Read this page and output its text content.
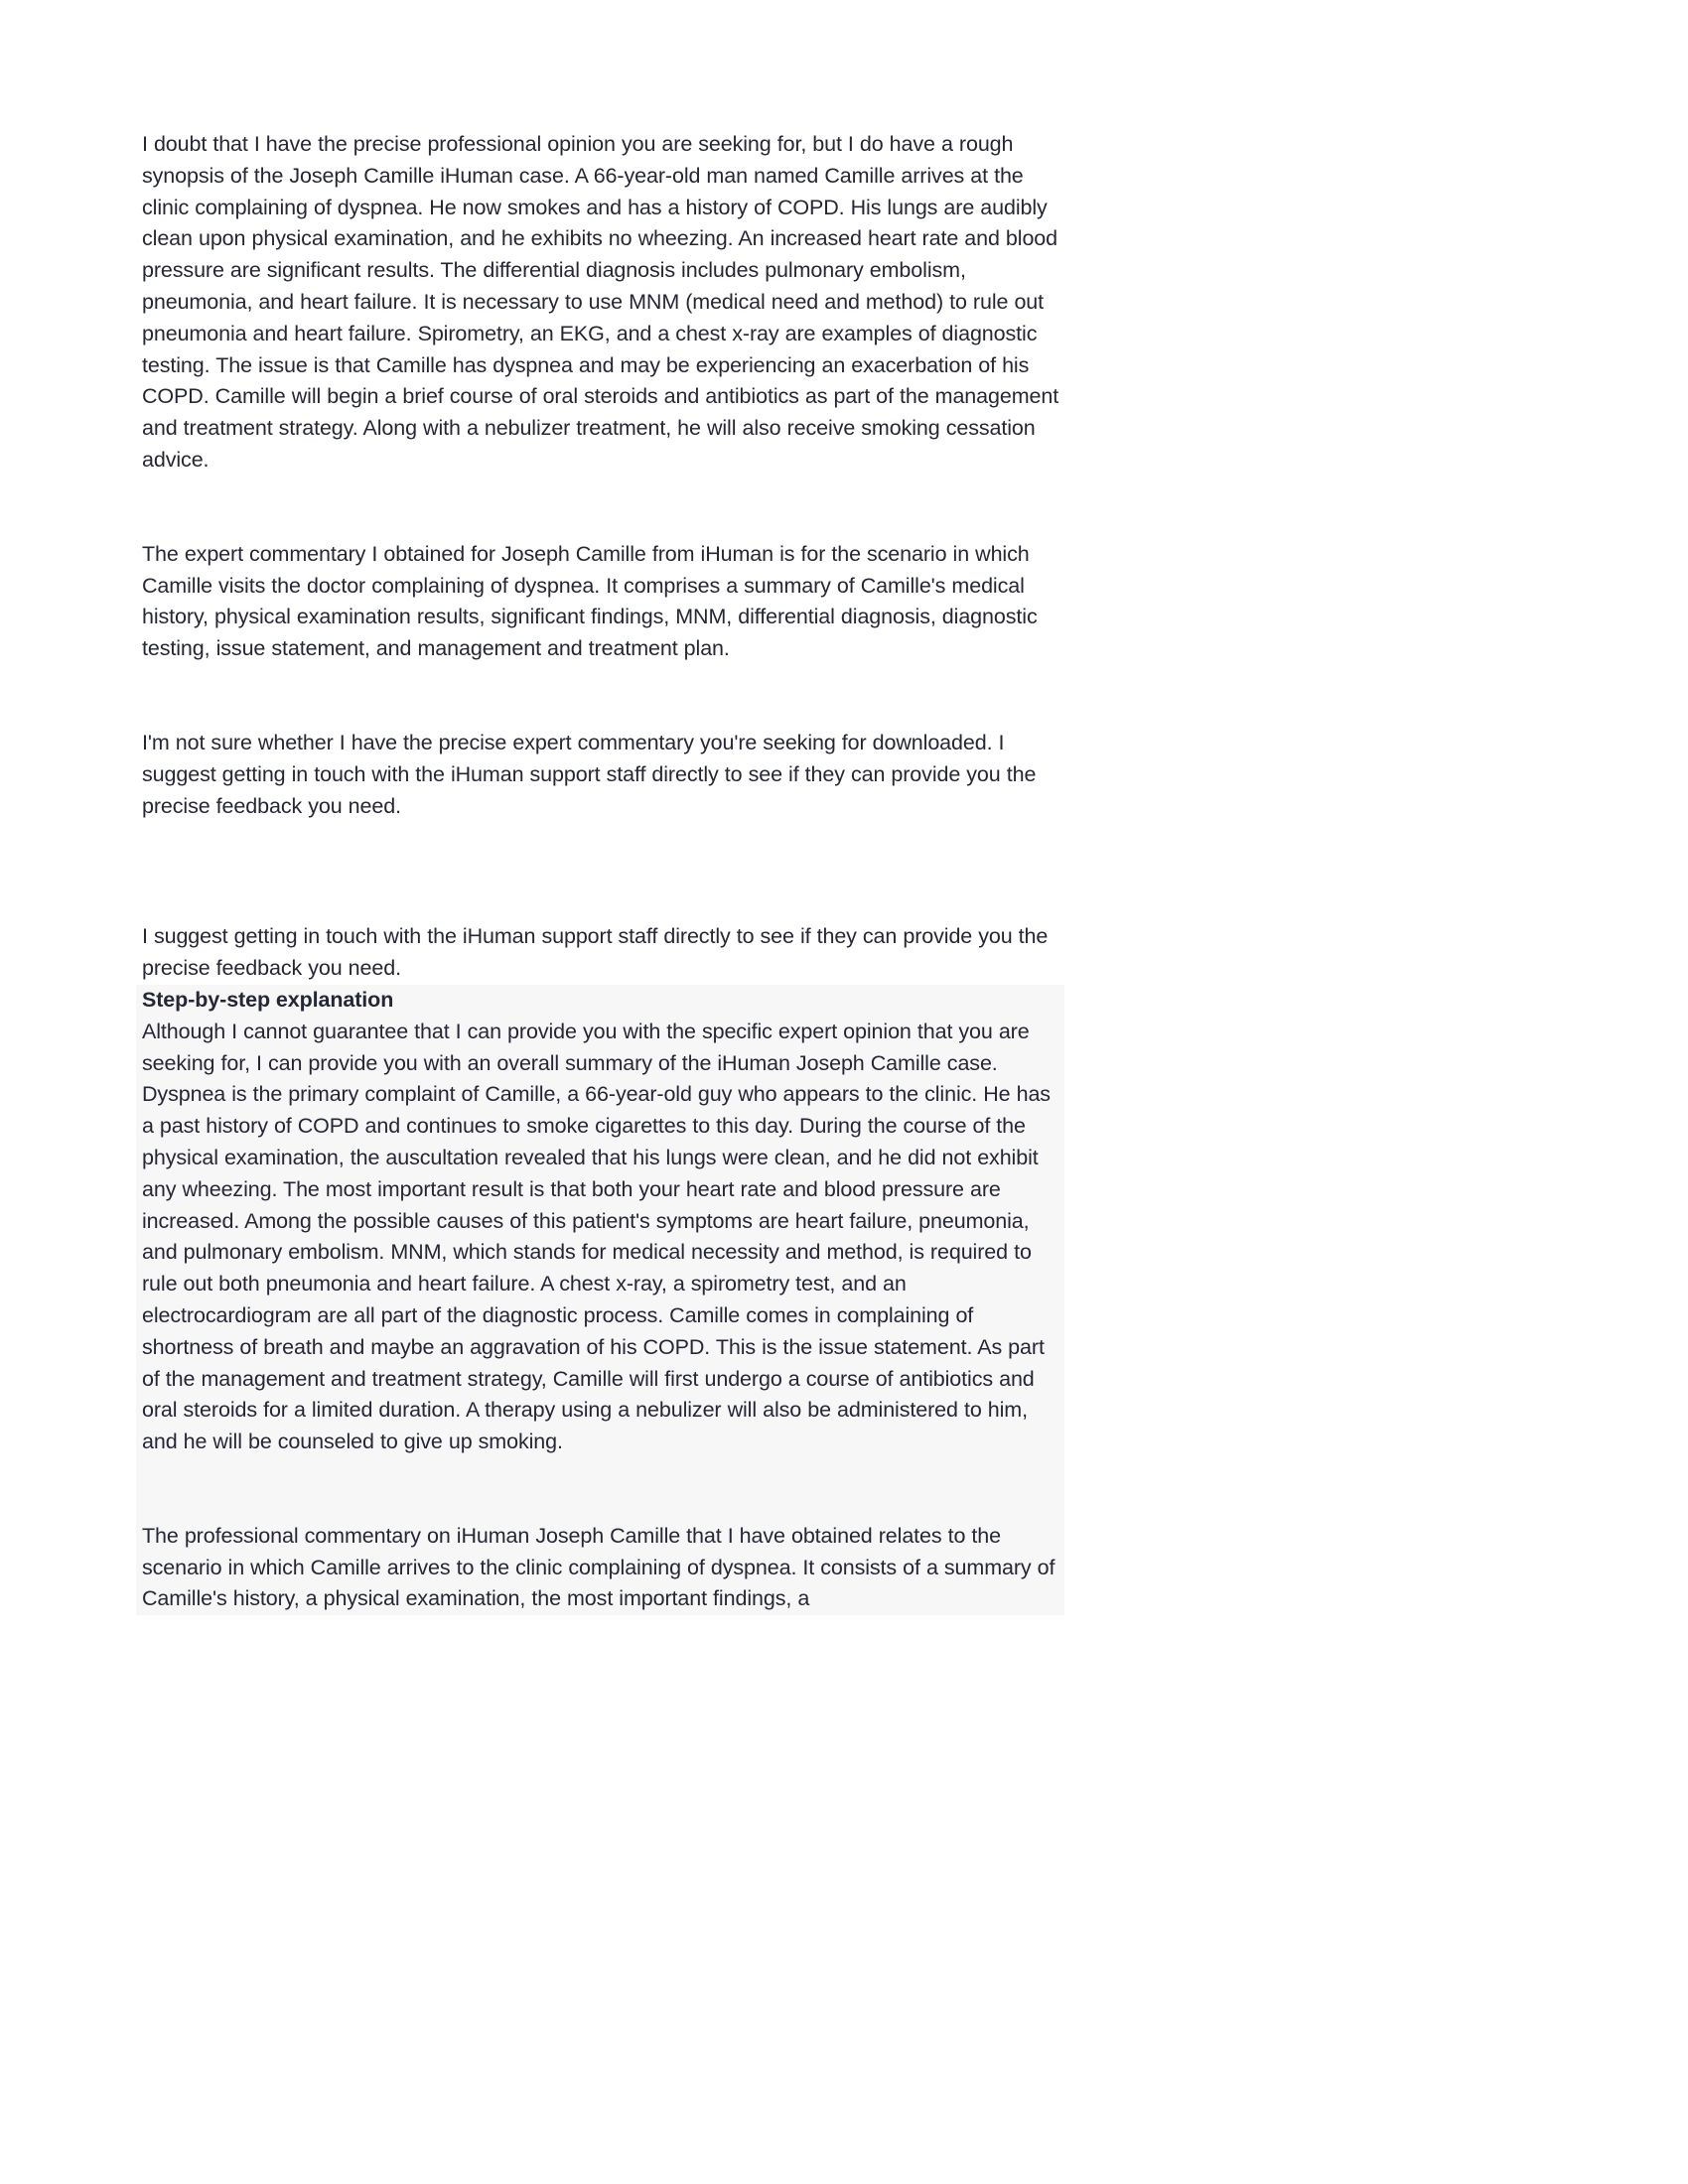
I doubt that I have the precise professional opinion you are seeking for, but I do have a rough synopsis of the Joseph Camille iHuman case. A 66-year-old man named Camille arrives at the clinic complaining of dyspnea. He now smokes and has a history of COPD. His lungs are audibly clean upon physical examination, and he exhibits no wheezing. An increased heart rate and blood pressure are significant results. The differential diagnosis includes pulmonary embolism, pneumonia, and heart failure. It is necessary to use MNM (medical need and method) to rule out pneumonia and heart failure. Spirometry, an EKG, and a chest x-ray are examples of diagnostic testing. The issue is that Camille has dyspnea and may be experiencing an exacerbation of his COPD. Camille will begin a brief course of oral steroids and antibiotics as part of the management and treatment strategy. Along with a nebulizer treatment, he will also receive smoking cessation advice.

The expert commentary I obtained for Joseph Camille from iHuman is for the scenario in which Camille visits the doctor complaining of dyspnea. It comprises a summary of Camille's medical history, physical examination results, significant findings, MNM, differential diagnosis, diagnostic testing, issue statement, and management and treatment plan.

I'm not sure whether I have the precise expert commentary you're seeking for downloaded. I suggest getting in touch with the iHuman support staff directly to see if they can provide you the precise feedback you need.

I suggest getting in touch with the iHuman support staff directly to see if they can provide you the precise feedback you need.

Step-by-step explanation

Although I cannot guarantee that I can provide you with the specific expert opinion that you are seeking for, I can provide you with an overall summary of the iHuman Joseph Camille case. Dyspnea is the primary complaint of Camille, a 66-year-old guy who appears to the clinic. He has a past history of COPD and continues to smoke cigarettes to this day. During the course of the physical examination, the auscultation revealed that his lungs were clean, and he did not exhibit any wheezing. The most important result is that both your heart rate and blood pressure are increased. Among the possible causes of this patient's symptoms are heart failure, pneumonia, and pulmonary embolism. MNM, which stands for medical necessity and method, is required to rule out both pneumonia and heart failure. A chest x-ray, a spirometry test, and an electrocardiogram are all part of the diagnostic process. Camille comes in complaining of shortness of breath and maybe an aggravation of his COPD. This is the issue statement. As part of the management and treatment strategy, Camille will first undergo a course of antibiotics and oral steroids for a limited duration. A therapy using a nebulizer will also be administered to him, and he will be counseled to give up smoking.

The professional commentary on iHuman Joseph Camille that I have obtained relates to the scenario in which Camille arrives to the clinic complaining of dyspnea. It consists of a summary of Camille's history, a physical examination, the most important findings, a
